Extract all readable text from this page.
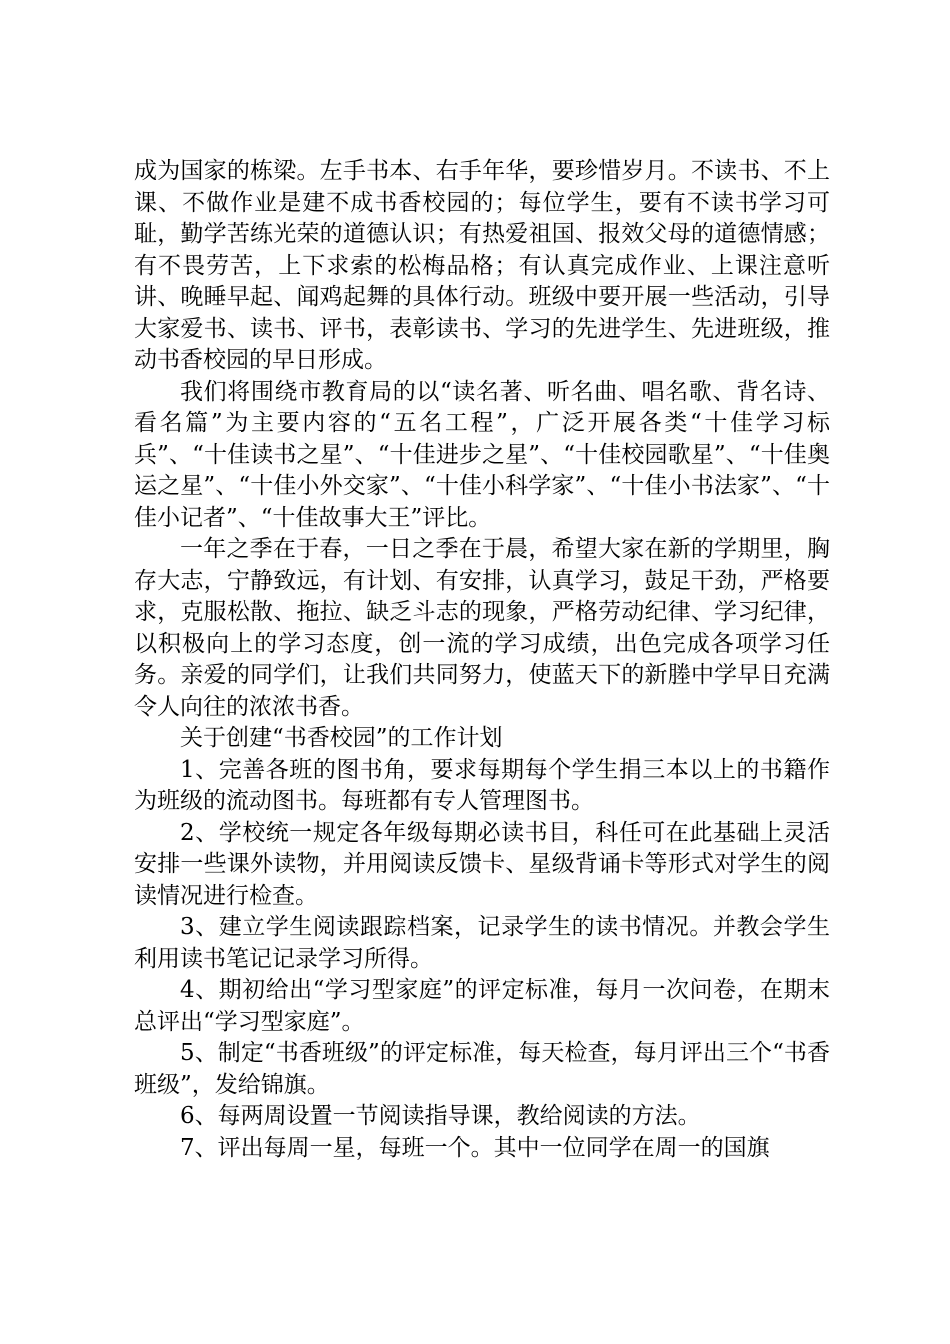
成为国家的栋梁。左手书本、右手年华，要珍惜岁月。不读书、不上课、不做作业是建不成书香校园的；每位学生，要有不读书学习可耻，勤学苦练光荣的道德认识；有热爱祖国、报效父母的道德情感；有不畏劳苦，上下求索的松梅品格；有认真完成作业、上课注意听讲、晚睡早起、闻鸡起舞的具体行动。班级中要开展一些活动，引导大家爱书、读书、评书，表彰读书、学习的先进学生、先进班级，推动书香校园的早日形成。

我们将围绕市教育局的以“读名著、听名曲、唱名歌、背名诗、看名篇”为主要内容的“五名工程”，广泛开展各类“十佳学习标兵”、“十佳读书之星”、“十佳进步之星”、“十佳校园歌星”、“十佳奥运之星”、“十佳小外交家”、“十佳小科学家”、“十佳小书法家”、“十佳小记者”、“十佳故事大王”评比。

一年之季在于春，一日之季在于晨，希望大家在新的学期里，胸存大志，宁静致远，有计划、有安排，认真学习，鼓足干劲，严格要求，克服松散、拖拉、缺乏斗志的现象，严格劳动纪律、学习纪律，以积极向上的学习态度，创一流的学习成绩，出色完成各项学习任务。亲爱的同学们，让我们共同努力，使蓝天下的新塍中学早日充满令人向往的浓浓书香。

关于创建“书香校园”的工作计划

1、完善各班的图书角，要求每期每个学生捐三本以上的书籍作为班级的流动图书。每班都有专人管理图书。

2、学校统一规定各年级每期必读书目，科任可在此基础上灵活安排一些课外读物，并用阅读反馈卡、星级背诵卡等形式对学生的阅读情况进行检查。

3、建立学生阅读跟踪档案，记录学生的读书情况。并教会学生利用读书笔记记录学习所得。

4、期初给出“学习型家庭”的评定标准，每月一次问卷，在期末总评出“学习型家庭”。

5、制定“书香班级”的评定标准，每天检查，每月评出三个“书香班级”，发给锦旗。

6、每两周设置一节阅读指导课，教给阅读的方法。

7、评出每周一星，每班一个。其中一位同学在周一的国旗
